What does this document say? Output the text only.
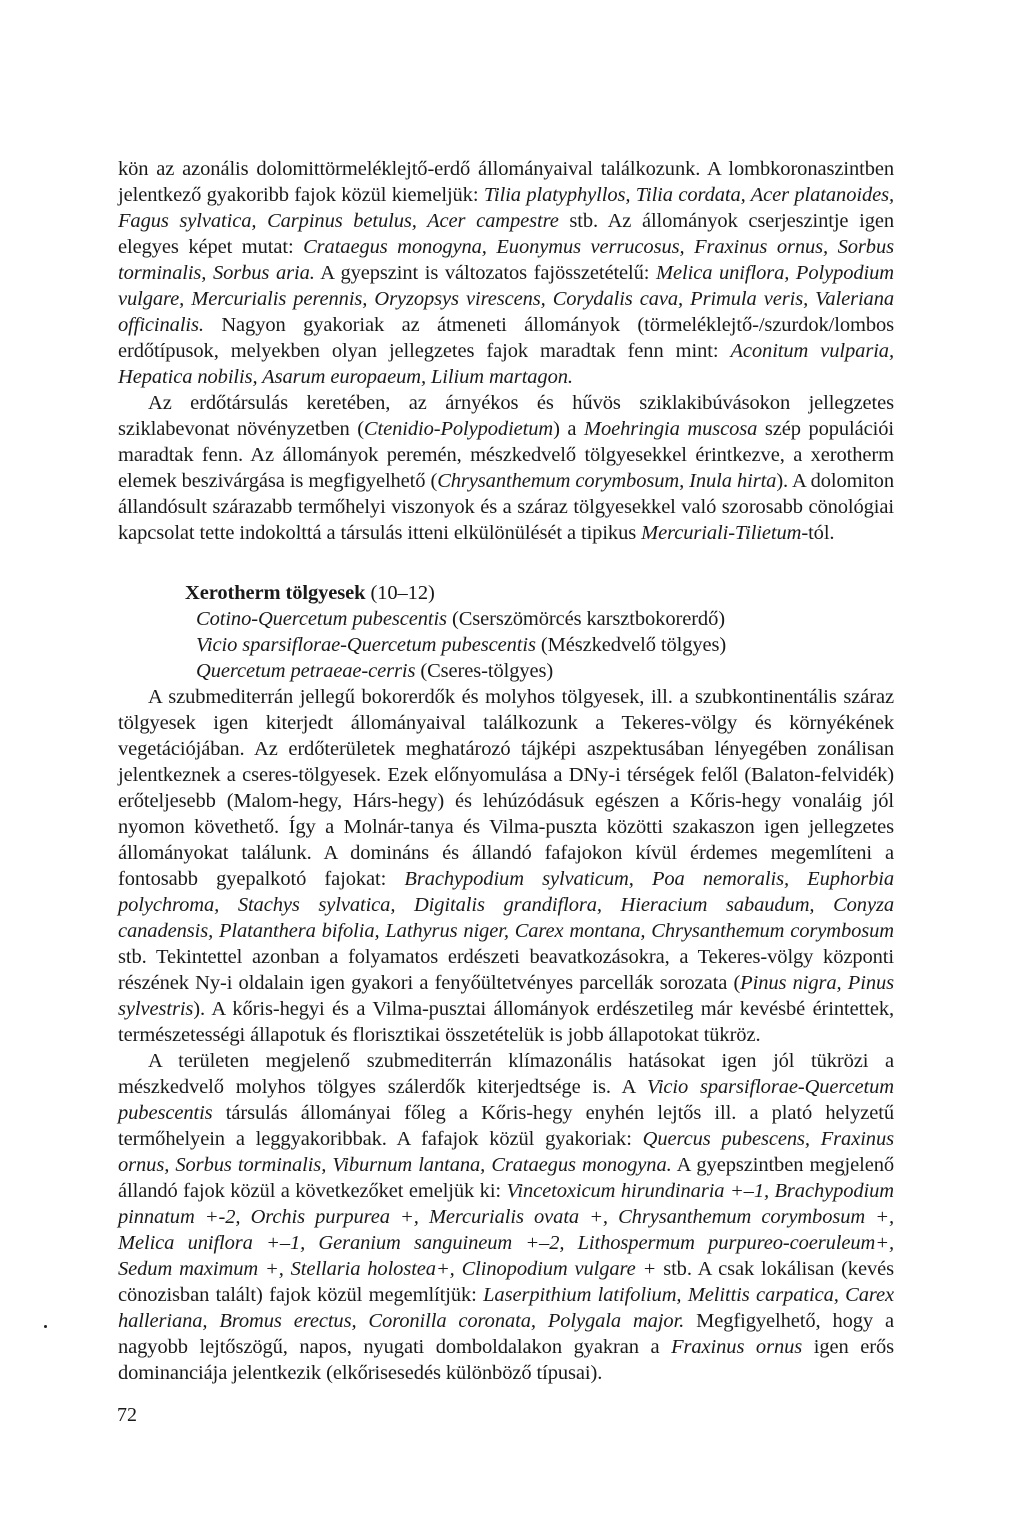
kön az azonális dolomittörmeléklejtő-erdő állományaival találkozunk. A lombkoronaszintben jelentkező gyakoribb fajok közül kiemeljük: Tilia platyphyllos, Tilia cordata, Acer platanoides, Fagus sylvatica, Carpinus betulus, Acer campestre stb. Az állományok cserjeszintje igen elegyes képet mutat: Crataegus monogyna, Euonymus verrucosus, Fraxinus ornus, Sorbus torminalis, Sorbus aria. A gyepszint is változatos fajösszetételű: Melica uniflora, Polypodium vulgare, Mercurialis perennis, Oryzopsys virescens, Corydalis cava, Primula veris, Valeriana officinalis. Nagyon gyakoriak az átmeneti állományok (törmeléklejtő-/szurdok/lombos erdőtípusok, melyekben olyan jellegzetes fajok maradtak fenn mint: Aconitum vulparia, Hepatica nobilis, Asarum europaeum, Lilium martagon.

Az erdőtársulás keretében, az árnyékos és hűvös sziklakibúvásokon jellegzetes sziklabevonat növényzetben (Ctenidio-Polypodietum) a Moehringia muscosa szép populációi maradtak fenn. Az állományok peremén, mészkedvelő tölgyesekkel érintkezve, a xerotherm elemek beszivárgása is megfigyelhető (Chrysanthemum corymbosum, Inula hirta). A dolomiton állandósult szárazabb termőhelyi viszonyok és a száraz tölgyesekkel való szorosabb cönológiai kapcsolat tette indokolttá a társulás itteni elkülönülését a tipikus Mercuriali-Tilietum-tól.

Xerotherm tölgyesek (10–12)
Cotino-Quercetum pubescentis (Cserszömörcés karsztbokorerdő)
Vicio sparsiflorae-Quercetum pubescentis (Mészkedvelő tölgyes)
Quercetum petraeae-cerris (Cseres-tölgyes)

A szubmediterrán jellegű bokorerdők és molyhos tölgyesek, ill. a szubkontinentális száraz tölgyesek igen kiterjedt állományaival találkozunk a Tekeres-völgy és környékének vegetációjában. Az erdőterületek meghatározó tájképi aszpektusában lényegében zonálisan jelentkeznek a cseres-tölgyesek. Ezek előnyomulása a DNy-i térségek felől (Balaton-felvidék) erőteljesebb (Malom-hegy, Hárs-hegy) és lehúzódásuk egészen a Kőris-hegy vonaláig jól nyomon követhető. Így a Molnár-tanya és Vilma-puszta közötti szakaszon igen jellegzetes állományokat találunk. A domináns és állandó fafajokon kívül érdemes megemlíteni a fontosabb gyepalkotó fajokat: Brachypodium sylvaticum, Poa nemoralis, Euphorbia polychroma, Stachys sylvatica, Digitalis grandiflora, Hieracium sabaudum, Conyza canadensis, Platanthera bifolia, Lathyrus niger, Carex montana, Chrysanthemum corymbosum stb. Tekintettel azonban a folyamatos erdészeti beavatkozásokra, a Tekeres-völgy központi részének Ny-i oldalain igen gyakori a fenyőültetvényes parcellák sorozata (Pinus nigra, Pinus sylvestris). A kőris-hegyi és a Vilma-pusztai állományok erdészetileg már kevésbé érintettek, természetességi állapotuk és florisztikai összetételük is jobb állapotokat tükröz.

A területen megjelenő szubmediterrán klímazonális hatásokat igen jól tükrözi a mészkedvelő molyhos tölgyes szálerdők kiterjedtsége is. A Vicio sparsiflorae-Quercetum pubescentis társulás állományai főleg a Kőris-hegy enyhén lejtős ill. a plató helyzetű termőhelyein a leggyakoribbak. A fafajok közül gyakoriak: Quercus pubescens, Fraxinus ornus, Sorbus torminalis, Viburnum lantana, Crataegus monogyna. A gyepszintben megjelenő állandó fajok közül a következőket emeljük ki: Vincetoxicum hirundinaria +–1, Brachypodium pinnatum +-2, Orchis purpurea +, Mercurialis ovata +, Chrysanthemum corymbosum +, Melica uniflora +–1, Geranium sanguineum +–2, Lithospermum purpureo-coeruleum+, Sedum maximum +, Stellaria holostea+, Clinopodium vulgare + stb. A csak lokálisan (kevés cönozisban talált) fajok közül megemlítjük: Laserpithium latifolium, Melittis carpatica, Carex halleriana, Bromus erectus, Coronilla coronata, Polygala major. Megfigyelhető, hogy a nagyobb lejtőszögű, napos, nyugati domboldalakon gyakran a Fraxinus ornus igen erős dominanciája jelentkezik (elkőrisesedés különböző típusai).

72
